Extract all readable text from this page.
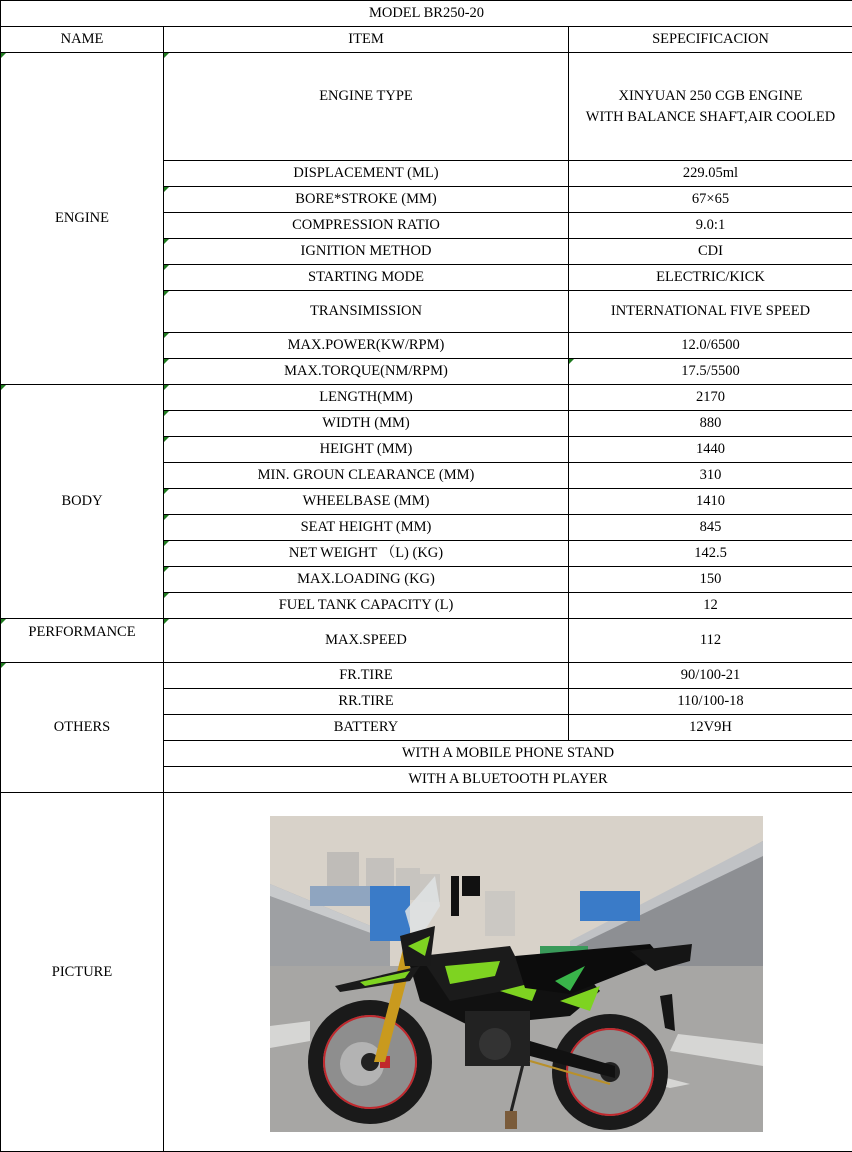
MODEL BR250-20		
NAME	ITEM	SEPECIFICACION
ENGINE	ENGINE TYPE	XINYUAN 250 CGB ENGINE
WITH BALANCE SHAFT,AIR COOLED

	DISPLACEMENT (ML)	229.05ml
	BORE*STROKE (MM)	67×65
	COMPRESSION RATIO	9.0:1
	IGNITION METHOD	CDI
	STARTING MODE	ELECTRIC/KICK
	TRANSIMISSION	INTERNATIONAL FIVE SPEED
	MAX.POWER(KW/RPM)	12.0/6500
	MAX.TORQUE(NM/RPM)	17.5/5500
BODY	LENGTH(MM)	2170
	WIDTH (MM)	880
	HEIGHT (MM)	1440
	MIN. GROUN CLEARANCE (MM)	310
	WHEELBASE (MM)	1410
	SEAT HEIGHT (MM)	845
	NET WEIGHT （L) (KG)	142.5
	MAX.LOADING (KG)	150
	FUEL TANK CAPACITY (L)	12
PERFORMANCE	MAX.SPEED	112
OTHERS	FR.TIRE	90/100-21
	RR.TIRE	110/100-18
	BATTERY	12V9H
	WITH A MOBILE PHONE STAND	
	WITH A BLUETOOTH PLAYER	
PICTURE	
